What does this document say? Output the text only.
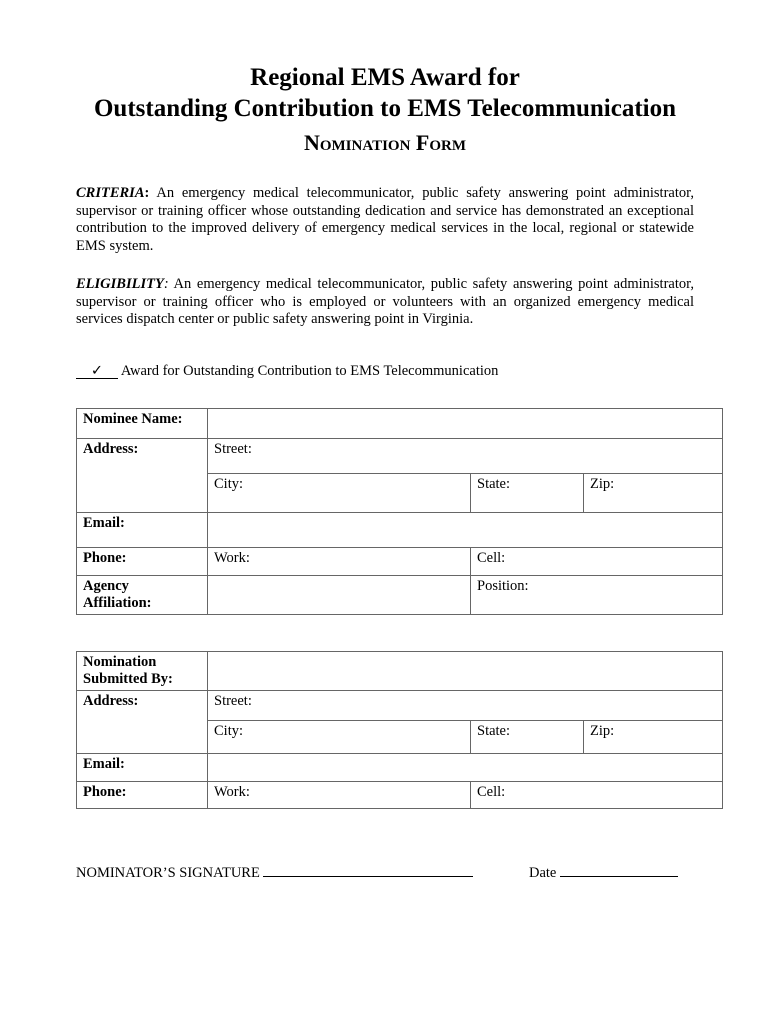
Regional EMS Award for
Outstanding Contribution to EMS Telecommunication
Nomination Form
CRITERIA: An emergency medical telecommunicator, public safety answering point administrator, supervisor or training officer whose outstanding dedication and service has demonstrated an exceptional contribution to the improved delivery of emergency medical services in the local, regional or statewide EMS system.
ELIGIBILITY: An emergency medical telecommunicator, public safety answering point administrator, supervisor or training officer who is employed or volunteers with an organized emergency medical services dispatch center or public safety answering point in Virginia.
✓ Award for Outstanding Contribution to EMS Telecommunication
Nominee Name:			
Address:	Street:		
	City:	State:	Zip:
Email:			
Phone:	Work:	Cell:	
Agency
Affiliation:		Position:	
Nomination
Submitted By:			
Address:	Street:		
	City:	State:	Zip:
Email:			
Phone:	Work:	Cell:	
NOMINATOR’S SIGNATURE	Date
